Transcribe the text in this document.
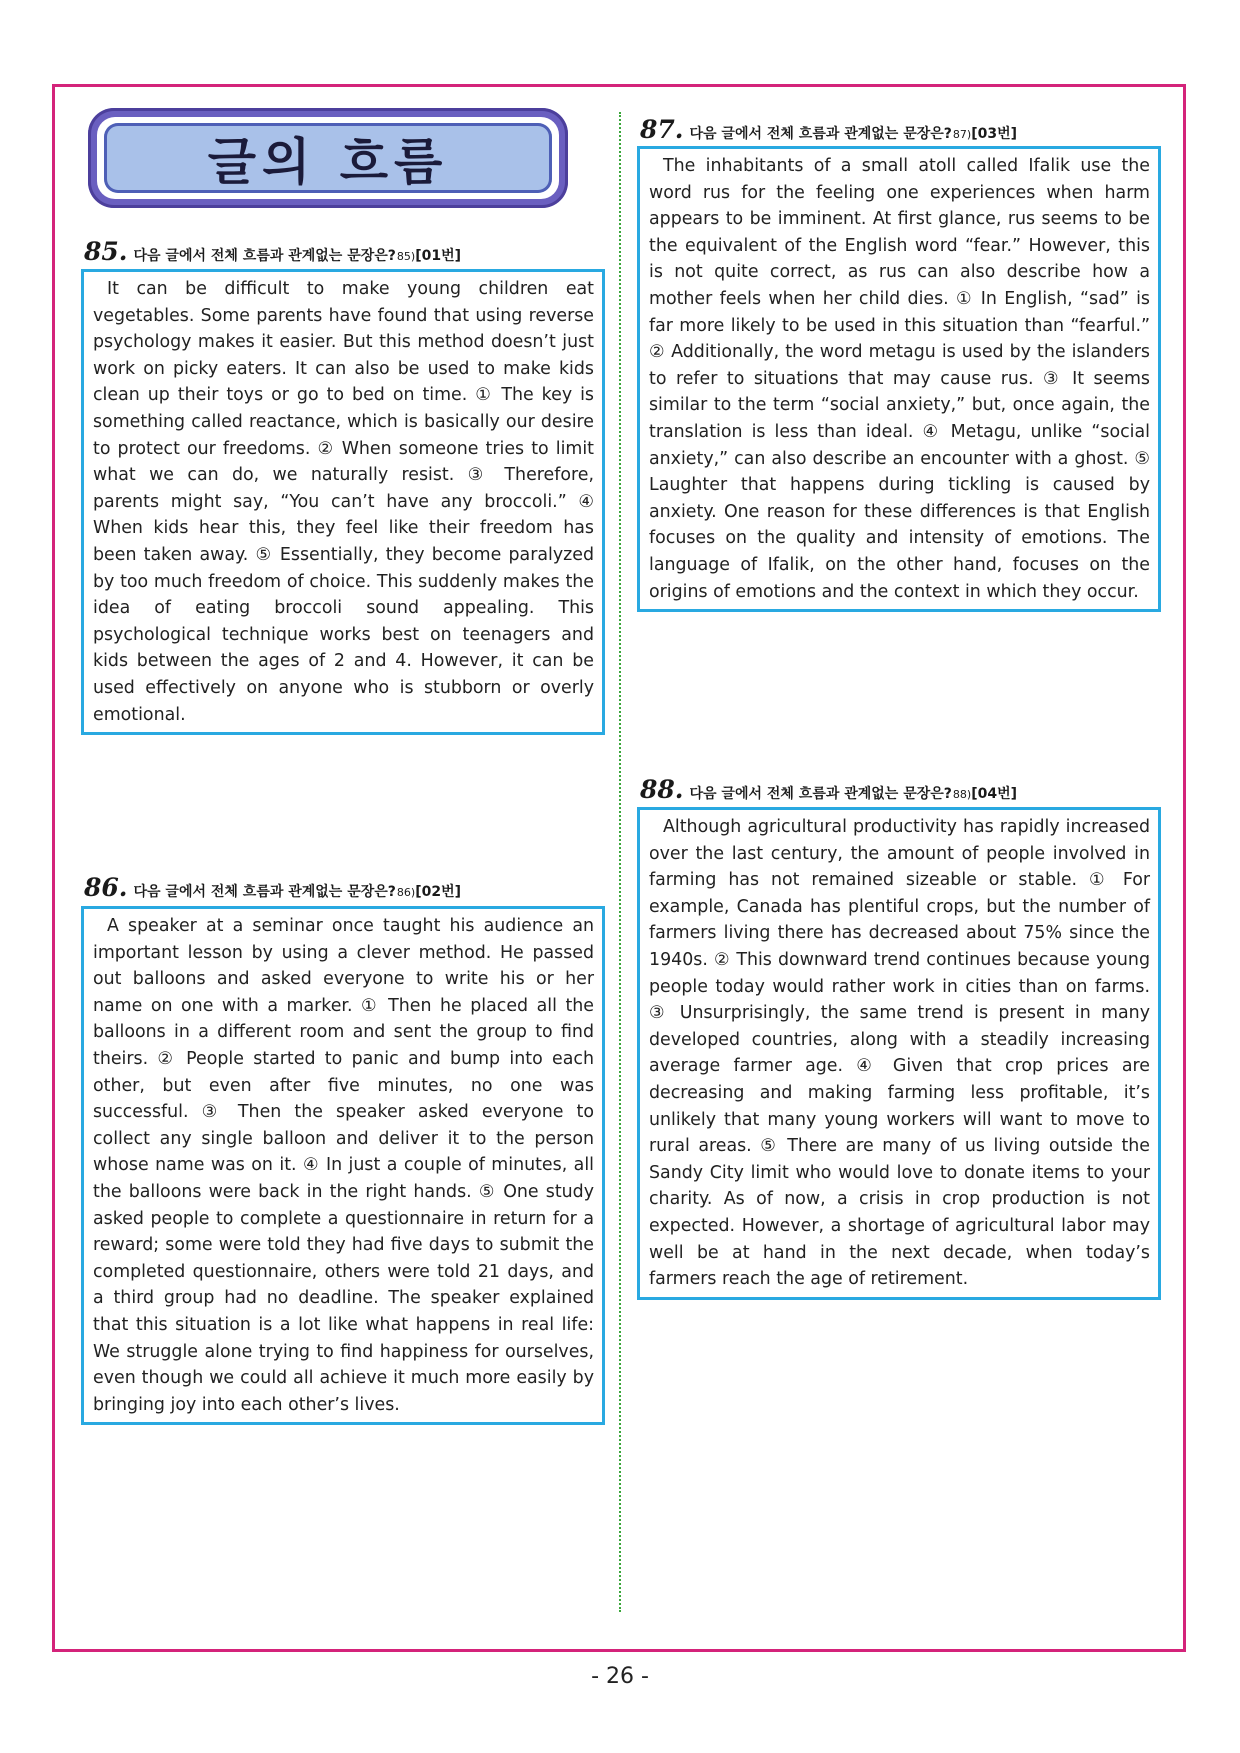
글의 흐름
85. 다음 글에서 전체 흐름과 관계없는 문장은? 85) [01번]

It can be difficult to make young children eat vegetables. Some parents have found that using reverse psychology makes it easier. But this method doesn’t just work on picky eaters. It can also be used to make kids clean up their toys or go to bed on time. ① The key is something called reactance, which is basically our desire to protect our freedoms. ② When someone tries to limit what we can do, we naturally resist. ③ Therefore, parents might say, “You can’t have any broccoli.” ④ When kids hear this, they feel like their freedom has been taken away. ⑤ Essentially, they become paralyzed by too much freedom of choice. This suddenly makes the idea of eating broccoli sound appealing. This psychological technique works best on teenagers and kids between the ages of 2 and 4. However, it can be used effectively on anyone who is stubborn or overly emotional.

86. 다음 글에서 전체 흐름과 관계없는 문장은? 86) [02번]

A speaker at a seminar once taught his audience an important lesson by using a clever method. He passed out balloons and asked everyone to write his or her name on one with a marker. ① Then he placed all the balloons in a different room and sent the group to find theirs. ② People started to panic and bump into each other, but even after five minutes, no one was successful. ③ Then the speaker asked everyone to collect any single balloon and deliver it to the person whose name was on it. ④ In just a couple of minutes, all the balloons were back in the right hands. ⑤ One study asked people to complete a questionnaire in return for a reward; some were told they had five days to submit the completed questionnaire, others were told 21 days, and a third group had no deadline. The speaker explained that this situation is a lot like what happens in real life: We struggle alone trying to find happiness for ourselves, even though we could all achieve it much more easily by bringing joy into each other’s lives.

87. 다음 글에서 전체 흐름과 관계없는 문장은? 87) [03번]

The inhabitants of a small atoll called Ifalik use the word rus for the feeling one experiences when harm appears to be imminent. At first glance, rus seems to be the equivalent of the English word “fear.” However, this is not quite correct, as rus can also describe how a mother feels when her child dies. ① In English, “sad” is far more likely to be used in this situation than “fearful.” ② Additionally, the word metagu is used by the islanders to refer to situations that may cause rus. ③ It seems similar to the term “social anxiety,” but, once again, the translation is less than ideal. ④ Metagu, unlike “social anxiety,” can also describe an encounter with a ghost. ⑤ Laughter that happens during tickling is caused by anxiety. One reason for these differences is that English focuses on the quality and intensity of emotions. The language of Ifalik, on the other hand, focuses on the origins of emotions and the context in which they occur.

88. 다음 글에서 전체 흐름과 관계없는 문장은? 88) [04번]

Although agricultural productivity has rapidly increased over the last century, the amount of people involved in farming has not remained sizeable or stable. ① For example, Canada has plentiful crops, but the number of farmers living there has decreased about 75% since the 1940s. ② This downward trend continues because young people today would rather work in cities than on farms. ③ Unsurprisingly, the same trend is present in many developed countries, along with a steadily increasing average farmer age. ④ Given that crop prices are decreasing and making farming less profitable, it’s unlikely that many young workers will want to move to rural areas. ⑤ There are many of us living outside the Sandy City limit who would love to donate items to your charity. As of now, a crisis in crop production is not expected. However, a shortage of agricultural labor may well be at hand in the next decade, when today’s farmers reach the age of retirement.

- 26 -
